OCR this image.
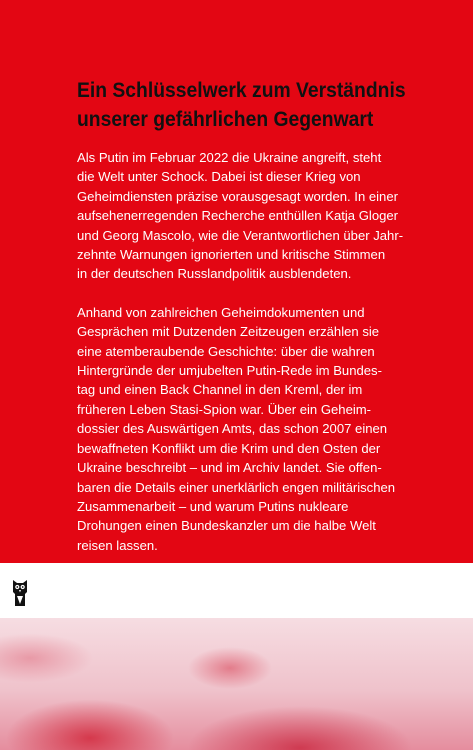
Ein Schlüsselwerk zum Verständnis
unserer gefährlichen Gegenwart

Als Putin im Februar 2022 die Ukraine angreift, steht
die Welt unter Schock. Dabei ist dieser Krieg von
Geheimdiensten präzise vorausgesagt worden. In einer
aufsehenerregenden Recherche enthüllen Katja Gloger
und Georg Mascolo, wie die Verantwortlichen über Jahr-
zehnte Warnungen ignorierten und kritische Stimmen
in der deutschen Russlandpolitik ausblendeten.

Anhand von zahlreichen Geheimdokumenten und
Gesprächen mit Dutzenden Zeitzeugen erzählen sie
eine atemberaubende Geschichte: über die wahren
Hintergründe der umjubelten Putin-Rede im Bundes-
tag und einen Back Channel in den Kreml, der im
früheren Leben Stasi-Spion war. Über ein Geheim-
dossier des Auswärtigen Amts, das schon 2007 einen
bewaffneten Konflikt um die Krim und den Osten der
Ukraine beschreibt – und im Archiv landet. Sie offen-
baren die Details einer unerklärlich engen militärischen
Zusammenarbeit – und warum Putins nukleare
Drohungen einen Bundeskanzler um die halbe Welt
reisen lassen.
